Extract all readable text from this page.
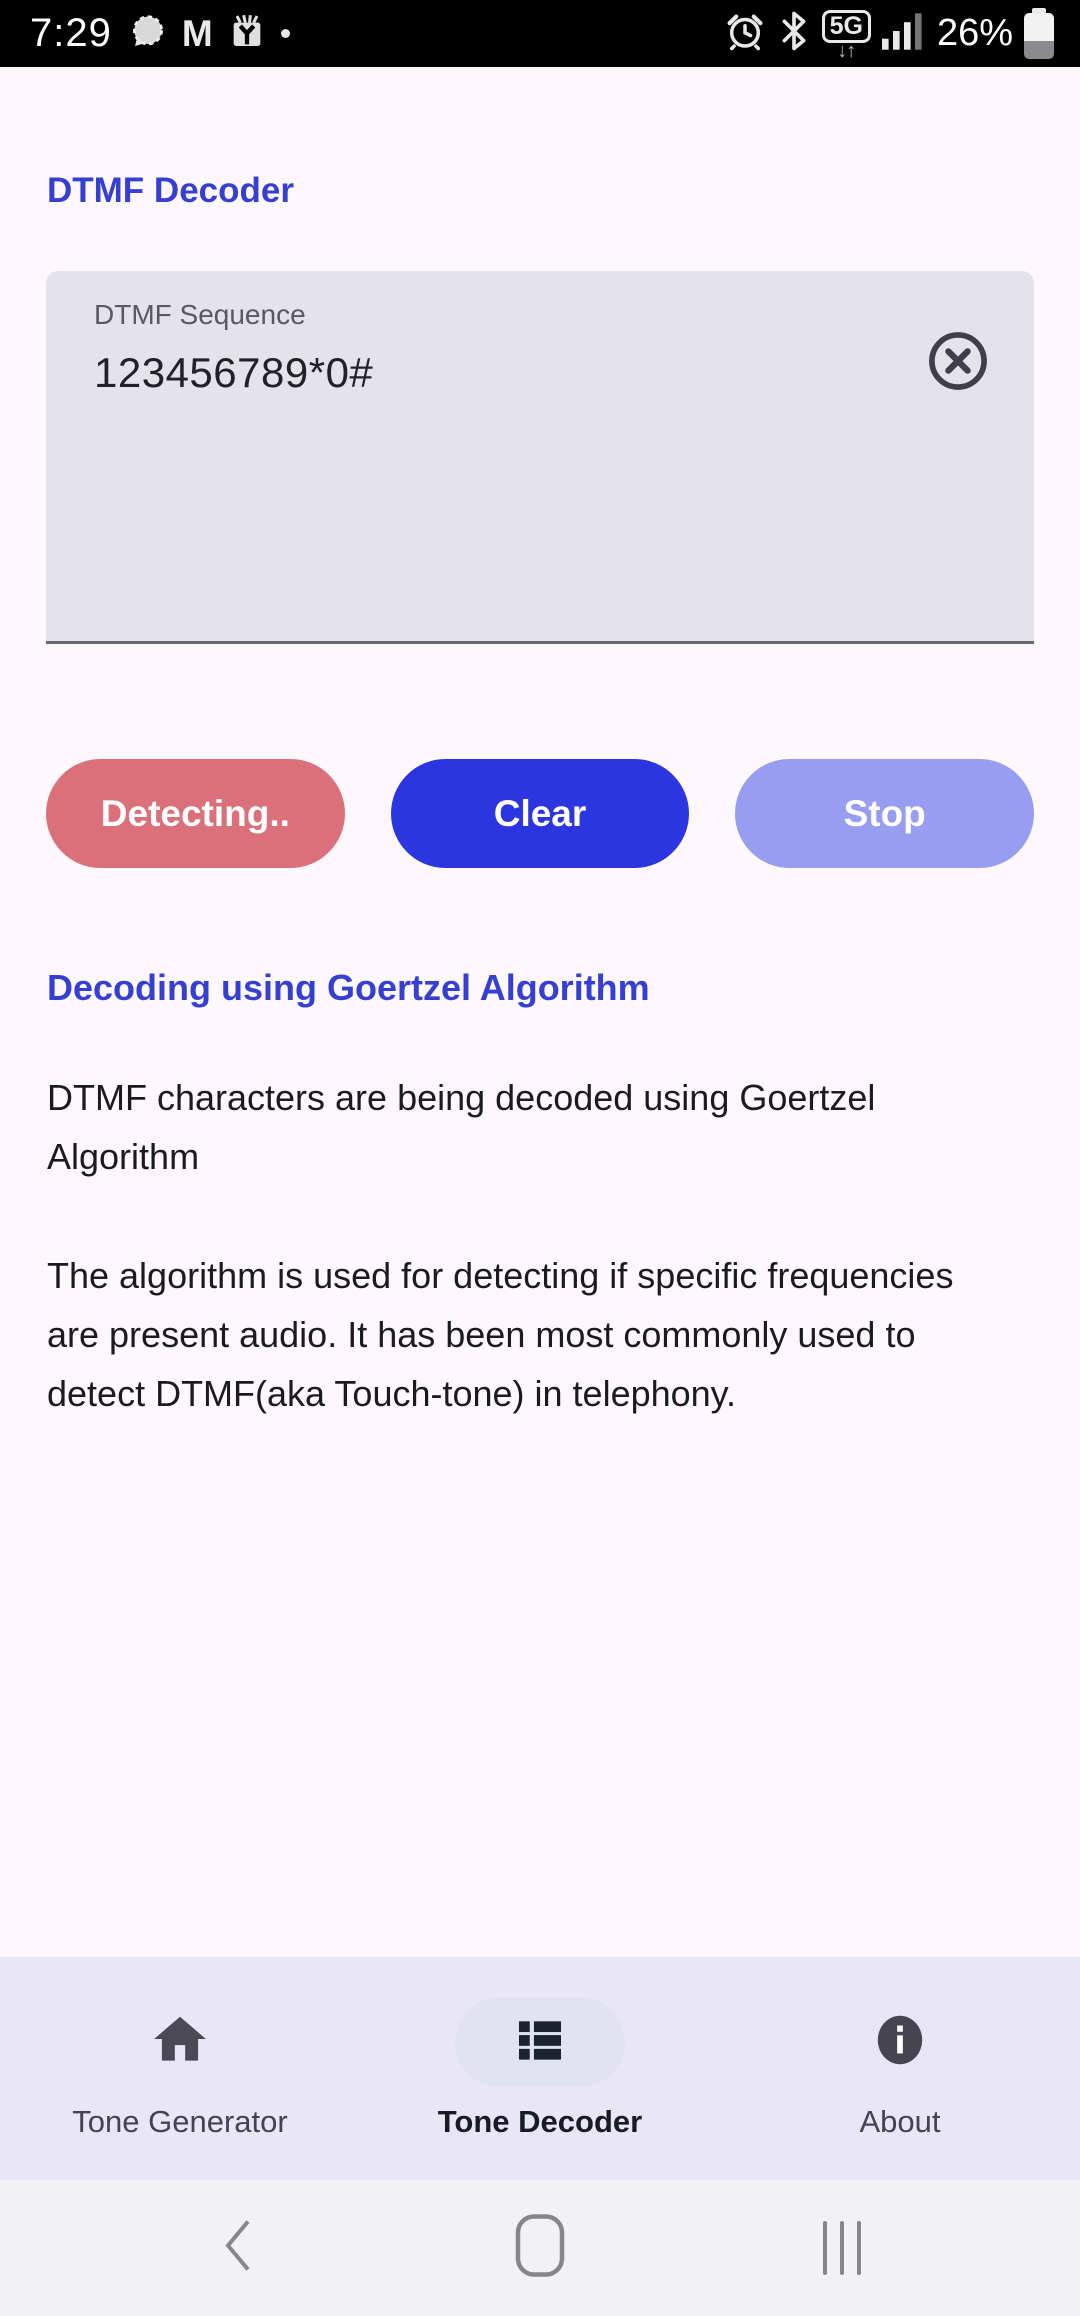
7:29 M	5G
↓↑ 26%
DTMF Decoder
DTMF Sequence
123456789*0#
Detecting..	Clear	Stop
Decoding using Goertzel Algorithm

DTMF characters are being decoded using Goertzel Algorithm

The algorithm is used for detecting if specific frequencies are present audio. It has been most commonly used to detect DTMF(aka Touch-tone) in telephony.

Tone Generator	Tone Decoder	About
